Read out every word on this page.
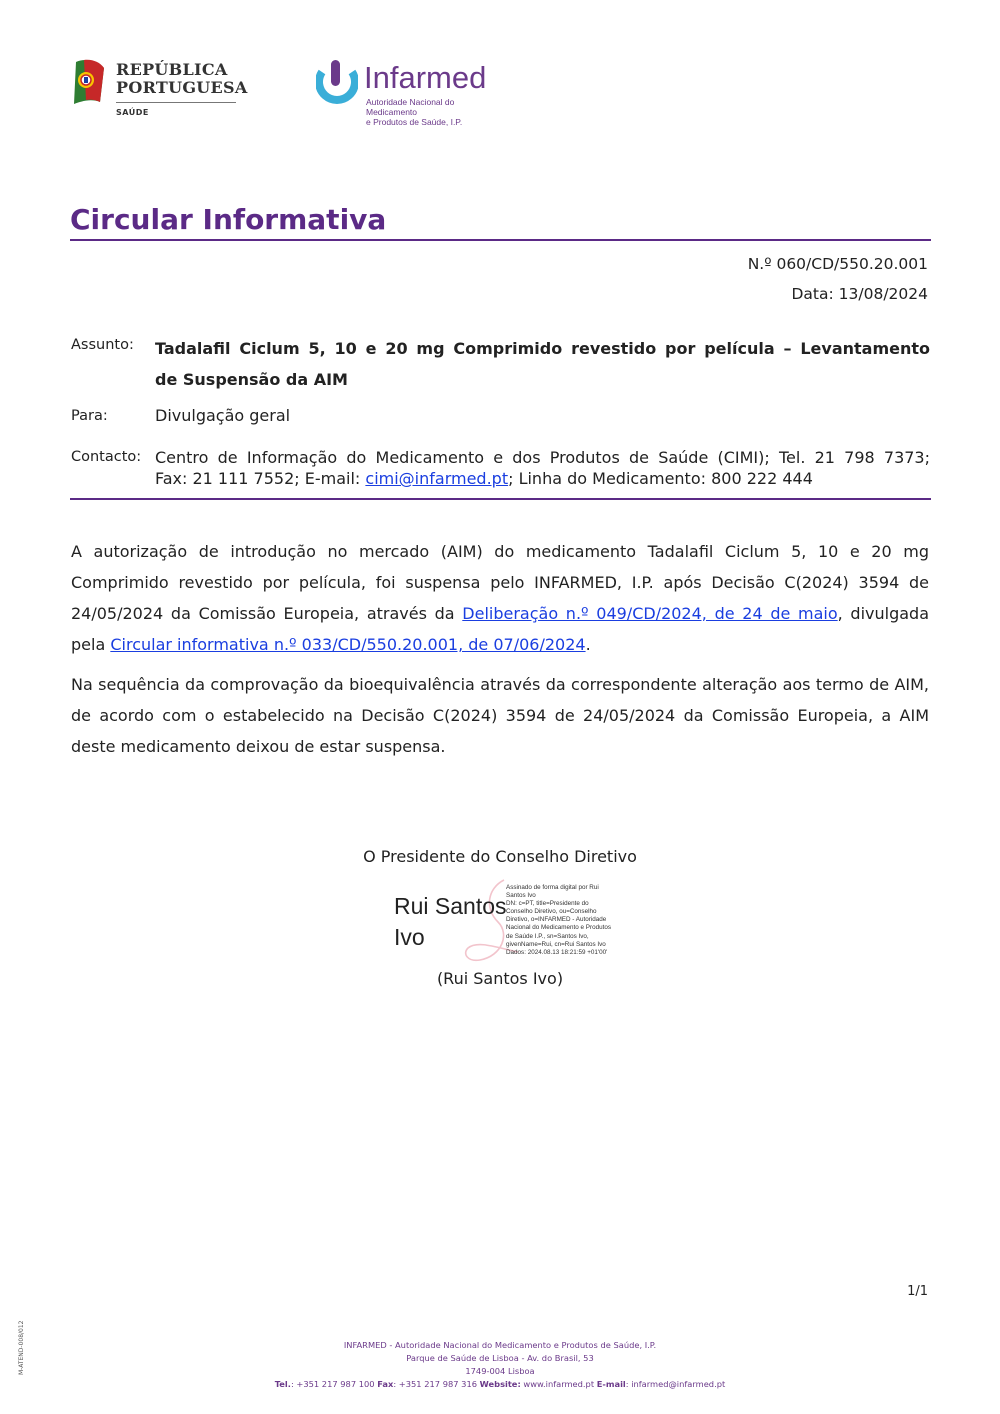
REPÚBLICA
PORTUGUESA
SAÚDE
Infarmed
Autoridade Nacional do Medicamento
e Produtos de Saúde, I.P.
Circular Informativa
N.º 060/CD/550.20.001
Data: 13/08/2024
Assunto: Tadalafil Ciclum 5, 10 e 20 mg Comprimido revestido por película – Levantamento
de Suspensão da AIM
Para:	Divulgação geral
Contacto: Centro de Informação do Medicamento e dos Produtos de Saúde (CIMI); Tel. 21 798 7373;
Fax: 21 111 7552; E-mail: cimi@infarmed.pt; Linha do Medicamento: 800 222 444
A autorização de introdução no mercado (AIM) do medicamento Tadalafil Ciclum 5, 10 e 20 mg Comprimido revestido por película, foi suspensa pelo INFARMED, I.P. após Decisão C(2024) 3594 de 24/05/2024 da Comissão Europeia, através da Deliberação n.º 049/CD/2024, de 24 de maio, divulgada pela Circular informativa n.º 033/CD/550.20.001, de 07/06/2024.
Na sequência da comprovação da bioequivalência através da correspondente alteração aos termo de AIM, de acordo com o estabelecido na Decisão C(2024) 3594 de 24/05/2024 da Comissão Europeia, a AIM deste medicamento deixou de estar suspensa.
O Presidente do Conselho Diretivo
Rui Santos
Ivo
Assinado de forma digital por Rui
Santos Ivo
DN: c=PT, title=Presidente do
Conselho Diretivo, ou=Conselho
Diretivo, o=INFARMED - Autoridade
Nacional do Medicamento e Produtos
de Saúde I.P., sn=Santos Ivo,
givenName=Rui, cn=Rui Santos Ivo
Dados: 2024.08.13 18:21:59 +01'00'
(Rui Santos Ivo)
1/1
M-ATEND-008/012	INFARMED - Autoridade Nacional do Medicamento e Produtos de Saúde, I.P.
Parque de Saúde de Lisboa - Av. do Brasil, 53
1749-004 Lisboa
Tel.: +351 217 987 100 Fax: +351 217 987 316 Website: www.infarmed.pt E-mail: infarmed@infarmed.pt
